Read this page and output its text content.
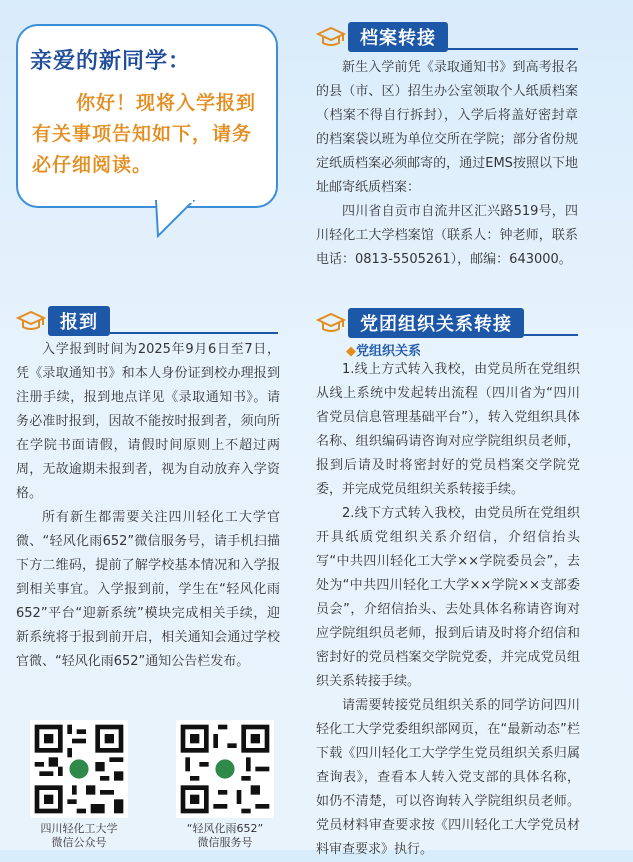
亲爱的新同学：

你好！现将入学报到

有关事项告知如下，请务

必仔细阅读。

档案转接

新生入学前凭《录取通知书》到高考报名的县（市、区）招生办公室领取个人纸质档案（档案不得自行拆封），入学后将盖好密封章的档案袋以班为单位交所在学院；部分省份规定纸质档案必须邮寄的，通过EMS按照以下地址邮寄纸质档案：

四川省自贡市自流井区汇兴路519号，四川轻化工大学档案馆（联系人：钟老师，联系电话：0813-5505261），邮编：643000。

报到

入学报到时间为2025年9月6日至7日，凭《录取通知书》和本人身份证到校办理报到注册手续，报到地点详见《录取通知书》。请务必准时报到，因故不能按时报到者，须向所在学院书面请假，请假时间原则上不超过两周，无故逾期未报到者，视为自动放弃入学资格。

所有新生都需要关注四川轻化工大学官微、“轻风化雨652”微信服务号，请手机扫描下方二维码，提前了解学校基本情况和入学报到相关事宜。入学报到前，学生在“轻风化雨652”平台“迎新系统”模块完成相关手续，迎新系统将于报到前开启，相关通知会通过学校官微、“轻风化雨652”通知公告栏发布。

四川轻化工大学
微信公众号

“轻风化雨652”
微信服务号

党团组织关系转接

◆党组织关系

1.线上方式转入我校，由党员所在党组织从线上系统中发起转出流程（四川省为“四川省党员信息管理基础平台”），转入党组织具体名称、组织编码请咨询对应学院组织员老师，报到后请及时将密封好的党员档案交学院党委，并完成党员组织关系转接手续。

2.线下方式转入我校，由党员所在党组织开具纸质党组织关系介绍信，介绍信抬头写“中共四川轻化工大学××学院委员会”，去处为“中共四川轻化工大学××学院××支部委员会”，介绍信抬头、去处具体名称请咨询对应学院组织员老师，报到后请及时将介绍信和密封好的党员档案交学院党委，并完成党员组织关系转接手续。

请需要转接党员组织关系的同学访问四川轻化工大学党委组织部网页，在“最新动态”栏下载《四川轻化工大学学生党员组织关系归属查询表》，查看本人转入党支部的具体名称，如仍不清楚，可以咨询转入学院组织员老师。党员材料审查要求按《四川轻化工大学党员材料审查要求》执行。
